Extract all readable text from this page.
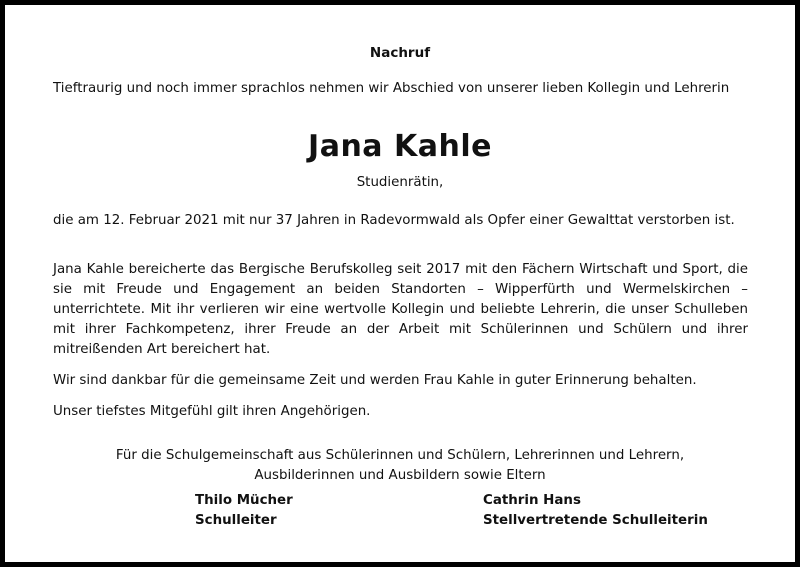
Nachruf
Tieftraurig und noch immer sprachlos nehmen wir Abschied von unserer lieben Kollegin und Lehrerin
Jana Kahle
Studienrätin,
die am 12. Februar 2021 mit nur 37 Jahren in Radevormwald als Opfer einer Gewalttat verstorben ist.
Jana Kahle bereicherte das Bergische Berufskolleg seit 2017 mit den Fächern Wirtschaft und Sport, die sie mit Freude und Engagement an beiden Standorten – Wipperfürth und Wermelskirchen – unterrichtete. Mit ihr verlieren wir eine wertvolle Kollegin und beliebte Lehrerin, die unser Schulleben mit ihrer Fachkompetenz, ihrer Freude an der Arbeit mit Schülerinnen und Schülern und ihrer mitreißenden Art bereichert hat.
Wir sind dankbar für die gemeinsame Zeit und werden Frau Kahle in guter Erinnerung behalten.
Unser tiefstes Mitgefühl gilt ihren Angehörigen.
Für die Schulgemeinschaft aus Schülerinnen und Schülern, Lehrerinnen und Lehrern,
Ausbilderinnen und Ausbildern sowie Eltern
Thilo Mücher
Schulleiter
Cathrin Hans
Stellvertretende Schulleiterin
